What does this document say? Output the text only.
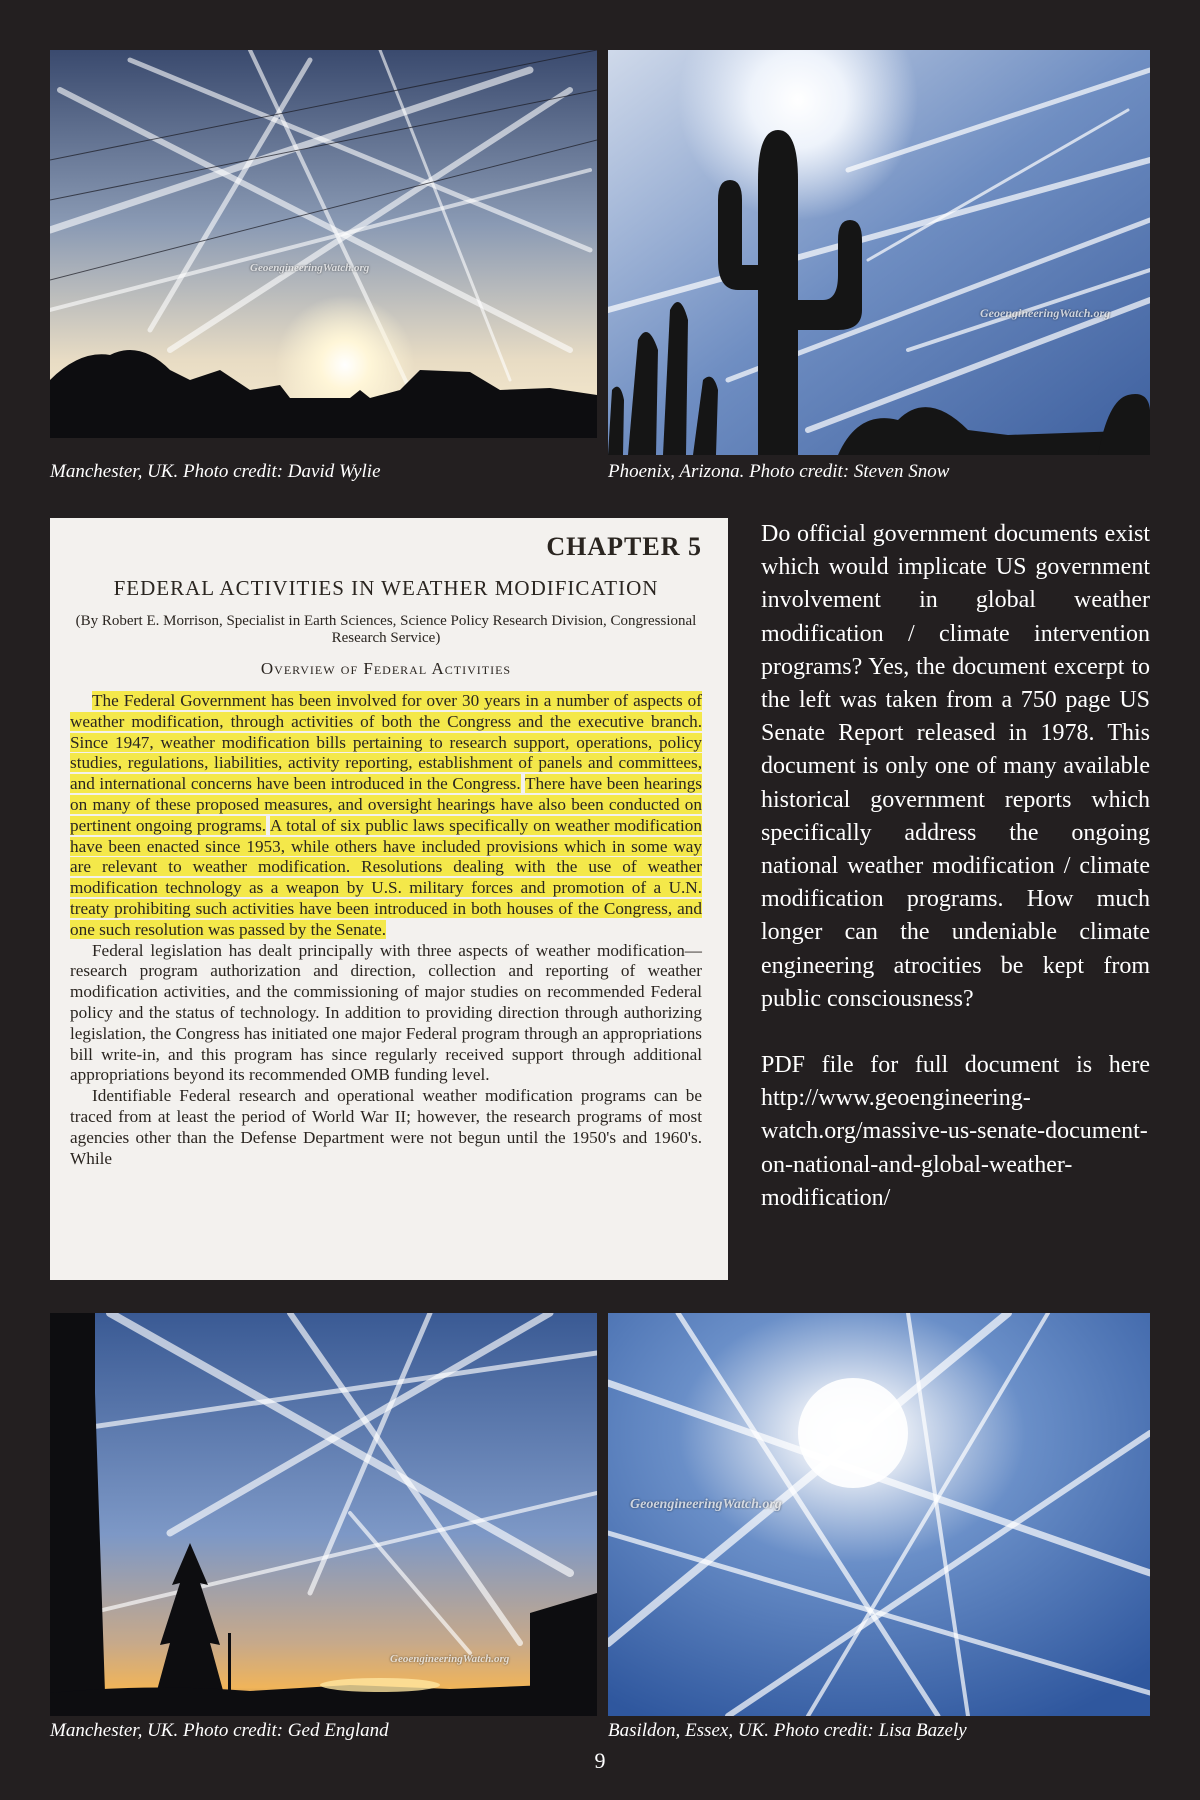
GeoengineeringWatch.org
Manchester, UK. Photo credit: David Wylie
GeoengineeringWatch.org
Phoenix, Arizona. Photo credit: Steven Snow
CHAPTER 5
FEDERAL ACTIVITIES IN WEATHER MODIFICATION
(By Robert E. Morrison, Specialist in Earth Sciences, Science Policy Research Division, Congressional Research Service)
Overview of Federal Activities

The Federal Government has been involved for over 30 years in a number of aspects of weather modification, through activities of both the Congress and the executive branch. Since 1947, weather modification bills pertaining to research support, operations, policy studies, regulations, liabilities, activity reporting, establishment of panels and committees, and international concerns have been introduced in the Congress. There have been hearings on many of these proposed measures, and oversight hearings have also been conducted on pertinent ongoing programs. A total of six public laws specifically on weather modification have been enacted since 1953, while others have included provisions which in some way are relevant to weather modification. Resolutions dealing with the use of weather modification technology as a weapon by U.S. military forces and promotion of a U.N. treaty prohibiting such activities have been introduced in both houses of the Congress, and one such resolution was passed by the Senate.

Federal legislation has dealt principally with three aspects of weather modification—research program authorization and direction, collection and reporting of weather modification activities, and the commissioning of major studies on recommended Federal policy and the status of technology. In addition to providing direction through authorizing legislation, the Congress has initiated one major Federal program through an appropriations bill write-in, and this program has since regularly received support through additional appropriations beyond its recommended OMB funding level.

Identifiable Federal research and operational weather modification programs can be traced from at least the period of World War II; however, the research programs of most agencies other than the Defense Department were not begun until the 1950's and 1960's. While

Do official government documents exist which would implicate US government involvement in global weather modification / climate intervention programs? Yes, the document excerpt to the left was taken from a 750 page US Senate Report released in 1978. This document is only one of many available historical government reports which specifically address the ongoing national weather modification / climate modification programs. How much longer can the undeniable climate engineering atrocities be kept from public consciousness?

PDF file for full document is here http://www.geoengineering-watch.org/massive-us-senate-document-on-national-and-global-weather-modification/

GeoengineeringWatch.org
Manchester, UK. Photo credit: Ged England
GeoengineeringWatch.org
Basildon, Essex, UK. Photo credit: Lisa Bazely
9
